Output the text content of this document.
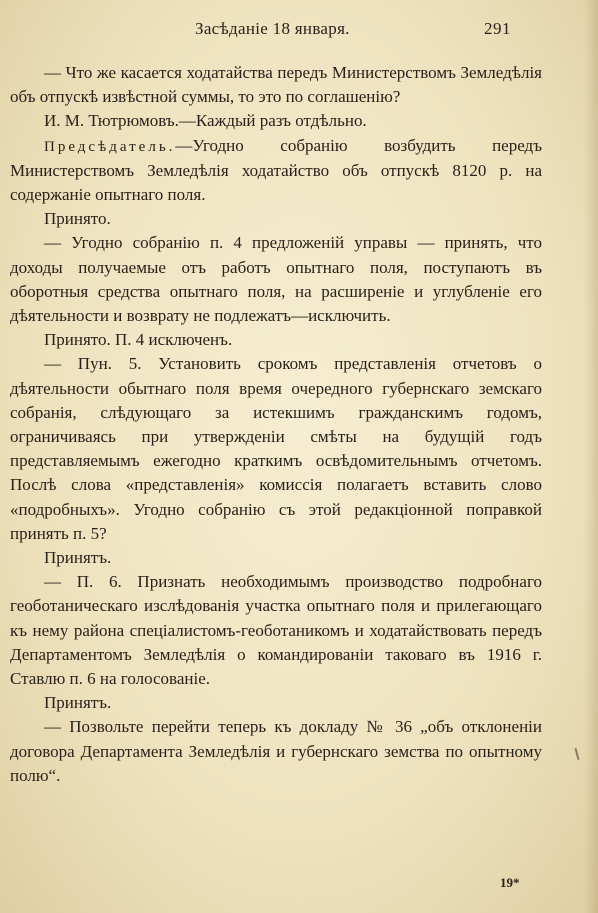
Засѣданіе 18 января.	291

— Что же касается ходатайства передъ Министерствомъ Земледѣлія объ отпускѣ извѣстной суммы, то это по соглашенію?

И. М. Тютрюмовъ.—Каждый разъ отдѣльно.

Предсѣдатель.—Угодно собранію возбудить передъ Министерствомъ Земледѣлія ходатайство объ отпускѣ 8120 р. на содержаніе опытнаго поля.

Принято.

— Угодно собранію п. 4 предложеній управы — принять, что доходы получаемые отъ работъ опытнаго поля, поступаютъ въ оборотныя средства опытнаго поля, на расширеніе и углубленіе его дѣятельности и возврату не подлежатъ—исключить.

Принято. П. 4 исключенъ.

— Пун. 5. Установить срокомъ представленія отчетовъ о дѣятельности обытнаго поля время очередного губернскаго земскаго собранія, слѣдующаго за истекшимъ гражданскимъ годомъ, ограничиваясь при утвержденіи смѣты на будущій годъ представляемымъ ежегодно краткимъ освѣдомительнымъ отчетомъ. Послѣ слова «представленія» комиссія полагаетъ вставить слово «подробныхъ». Угодно собранію съ этой редакціонной поправкой принять п. 5?

Принятъ.

— П. 6. Признать необходимымъ производство подробнаго геоботаническаго изслѣдованія участка опытнаго поля и прилегающаго къ нему района спеціалистомъ-геоботаникомъ и ходатайствовать передъ Департаментомъ Земледѣлія о командированіи таковаго въ 1916 г. Ставлю п. 6 на голосованіе.

Принятъ.

— Позвольте перейти теперь къ докладу № 36 „объ отклоненіи договора Департамента Земледѣлія и губернскаго земства по опытному полю“.

19*
